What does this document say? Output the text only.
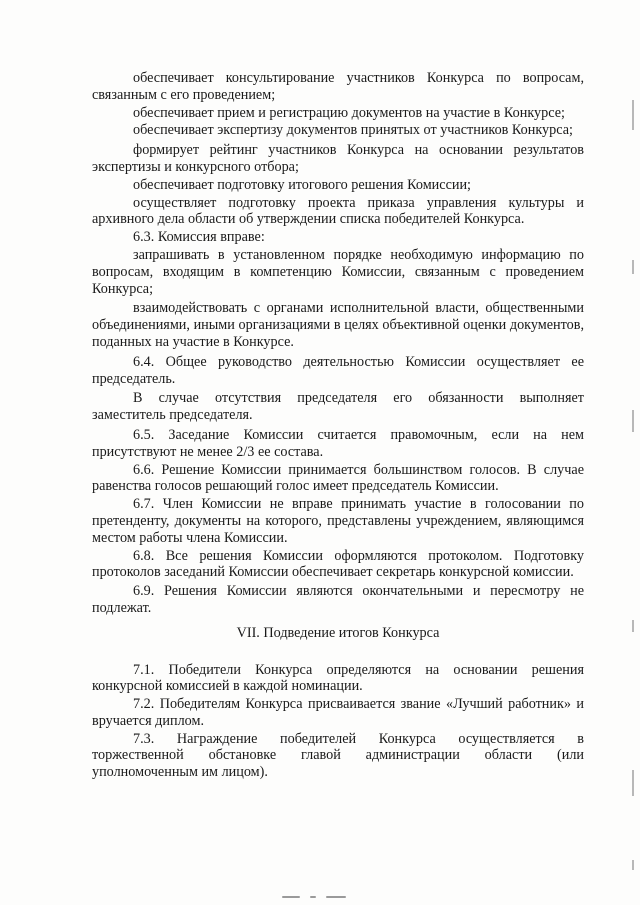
обеспечивает консультирование участников Конкурса по вопросам, связанным с его проведением;

обеспечивает прием и регистрацию документов на участие в Конкурсе;

обеспечивает экспертизу документов принятых от участников Конкурса;

формирует рейтинг участников Конкурса на основании результатов экспертизы и конкурсного отбора;

обеспечивает подготовку итогового решения Комиссии;

осуществляет подготовку проекта приказа управления культуры и архивного дела области об утверждении списка победителей Конкурса.

6.3. Комиссия вправе:

запрашивать в установленном порядке необходимую информацию по вопросам, входящим в компетенцию Комиссии, связанным с проведением Конкурса;

взаимодействовать с органами исполнительной власти, общественными объединениями, иными организациями в целях объективной оценки документов, поданных на участие в Конкурсе.

6.4. Общее руководство деятельностью Комиссии осуществляет ее председатель.

В случае отсутствия председателя его обязанности выполняет заместитель председателя.

6.5. Заседание Комиссии считается правомочным, если на нем присутствуют не менее 2/3 ее состава.

6.6. Решение Комиссии принимается большинством голосов. В случае равенства голосов решающий голос имеет председатель Комиссии.

6.7. Член Комиссии не вправе принимать участие в голосовании по претенденту, документы на которого, представлены учреждением, являющимся местом работы члена Комиссии.

6.8. Все решения Комиссии оформляются протоколом. Подготовку протоколов заседаний Комиссии обеспечивает секретарь конкурсной комиссии.

6.9. Решения Комиссии являются окончательными и пересмотру не подлежат.

VII. Подведение итогов Конкурса

7.1. Победители Конкурса определяются на основании решения конкурсной комиссией в каждой номинации.

7.2. Победителям Конкурса присваивается звание «Лучший работник» и вручается диплом.

7.3. Награждение победителей Конкурса осуществляется в торжественной обстановке главой администрации области (или уполномоченным им лицом).
